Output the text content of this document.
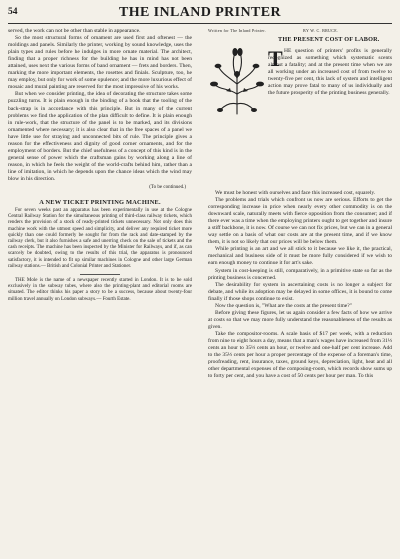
54	THE INLAND PRINTER

served, the work can not be other than stable in appearance.

So the most structural forms of ornament are used first and oftenest — the moldings and panels. Similarly the printer, working by sound knowledge, uses the plain types and rules before he indulges in more ornate material. The architect, finding that a proper richness for the building he has in mind has not been attained, uses next the various forms of band ornament — frets and borders. Then, marking the more important elements, the rosettes and finials. Sculpture, too, he may employ, but only for work of some opulence; and the more luxurious effect of mosaic and mural painting are reserved for the most impressive of his works.

But when we consider printing, the idea of decorating the structure takes some puzzling turns. It is plain enough in the binding of a book that the tooling of the back-strap is in accordance with this principle. But in many of the current problems we find the application of the plan difficult to define. It is plain enough in rule-work, that the structure of the panel is to be marked, and its divisions ornamented where necessary; it is also clear that in the free spaces of a panel we have little use for straying and unconnected bits of rule. The principle gives a reason for the effectiveness and dignity of good corner ornaments, and for the employment of borders. But the chief usefulness of a concept of this kind is in the general sense of power which the craftsman gains by working along a line of reason, in which he feels the weight of the world-crafts behind him, rather than a line of imitation, in which he depends upon the chance ideas which the wind may blow in his direction.

(To be continued.)
A NEW TICKET PRINTING MACHINE.

For seven weeks past an apparatus has been experimentally in use at the Cologne Central Railway Station for the simultaneous printing of third-class railway tickets, which renders the provision of a stock of ready-printed tickets unnecessary. Not only does this machine work with the utmost speed and simplicity, and deliver any required ticket more quickly than one could formerly be sought for from the rack and date-stamped by the railway clerk, but it also furnishes a safe and unerring check on the sale of tickets and the cash receipts. The machine has been inspected by the Minister for Railways, and if, as can scarcely be doubted, owing to the results of this trial, the apparatus is pronounced satisfactory, it is intended to fit up similar machines in Cologne and other large German railway stations.— British and Colonial Printer and Stationer.

THE Mole is the name of a newspaper recently started in London. It is to be sold exclusively in the subway tubes, where also the printing-plant and editorial rooms are situated. The editor thinks his paper a story to be a success, because about twenty-four million travel annually on London subways.— Fourth Estate.

Written for The Inland Printer.	BY W. C. BRUCE.
THE PRESENT COST OF LABOR.
T HE question of printers' profits is generally recognized as something which systematic scents almost a fatality; and at the present time when we are all working under an increased cost of from twelve to twenty-five per cent, this lack of system and intelligent action may prove fatal to many of us individually and the future prosperity of the printing business generally.

We must be honest with ourselves and face this increased cost, squarely.

The problems and trials which confront us now are serious. Efforts to get the corresponding increase in price when nearly every other commodity is on the downward scale, naturally meets with fierce opposition from the consumer; and if there ever was a time when the employing printers ought to get together and insure a stiff backbone, it is now. Of course we can not fix prices, but we can in a general way settle on a basis of what our costs are at the present time, and if we know them, it is not so likely that our prices will be below them.

While printing is an art and we all stick to it because we like it, the practical, mechanical and business side of it must be more fully considered if we wish to earn enough money to continue it for art's sake.

System in cost-keeping is still, comparatively, in a primitive state so far as the printing business is concerned.

The desirability for system in ascertaining costs is no longer a subject for debate, and while its adoption may be delayed in some offices, it is bound to come finally if those shops continue to exist.

Now the question is, "What are the costs at the present time?"

Before giving these figures, let us again consider a few facts of how we arrive at costs so that we may more fully understand the reasonableness of the results as given.

Take the compositor-rooms. A scale basis of $17 per week, with a reduction from nine to eight hours a day, means that a man's wages have increased from 31⅓ cents an hour to 35⅓ cents an hour, or twelve and one-half per cent increase. Add to the 35⅓ cents per hour a proper percentage of the expense of a foreman's time, proofreading, rent, insurance, taxes, ground keys, depreciation, light, heat and all other departmental expenses of the composing-room, which records show sums up to forty per cent, and you have a cost of 50 cents per hour per man. To this
